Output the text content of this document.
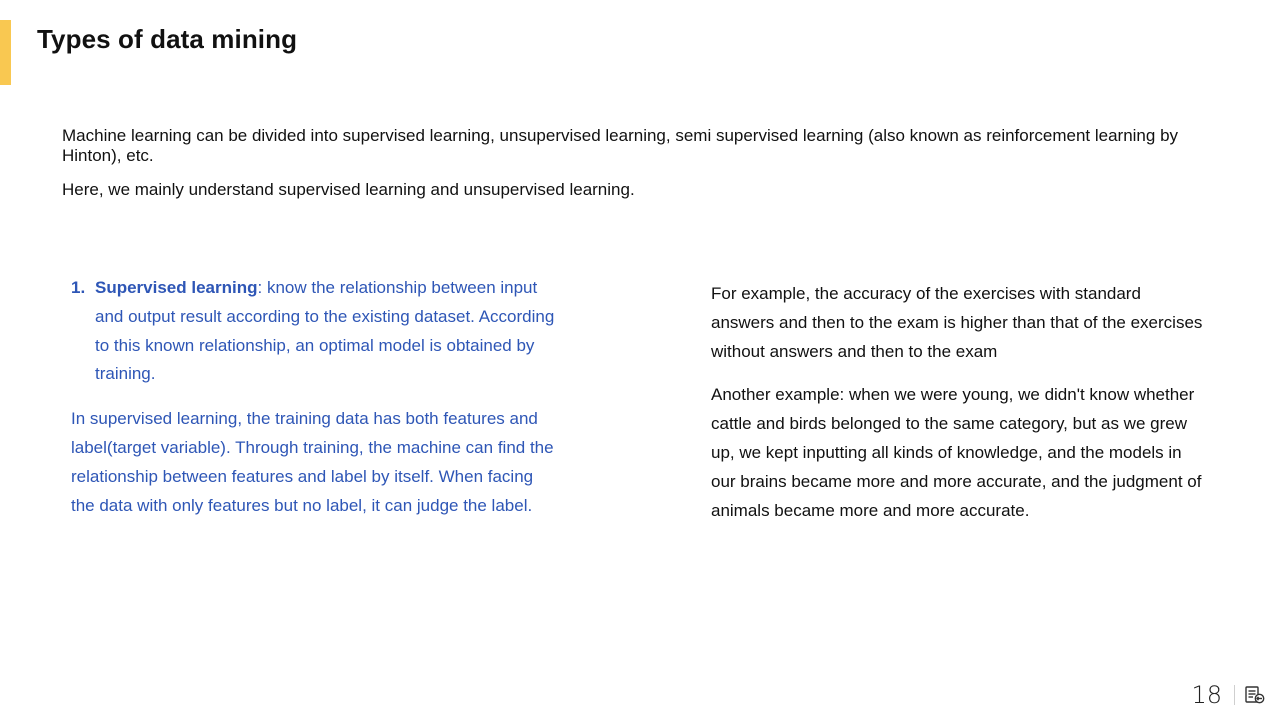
Types of data mining

Machine learning can be divided into supervised learning, unsupervised learning, semi supervised learning (also known as reinforcement learning by Hinton), etc.

Here, we mainly understand supervised learning and unsupervised learning.

1. Supervised learning: know the relationship between input and output result according to the existing dataset. According to this known relationship, an optimal model is obtained by training.

In supervised learning, the training data has both features and label(target variable). Through training, the machine can find the relationship between features and label by itself. When facing the data with only features but no label, it can judge the label.

For example, the accuracy of the exercises with standard answers and then to the exam is higher than that of the exercises without answers and then to the exam

Another example: when we were young, we didn't know whether cattle and birds belonged to the same category, but as we grew up, we kept inputting all kinds of knowledge, and the models in our brains became more and more accurate, and the judgment of animals became more and more accurate.

18
